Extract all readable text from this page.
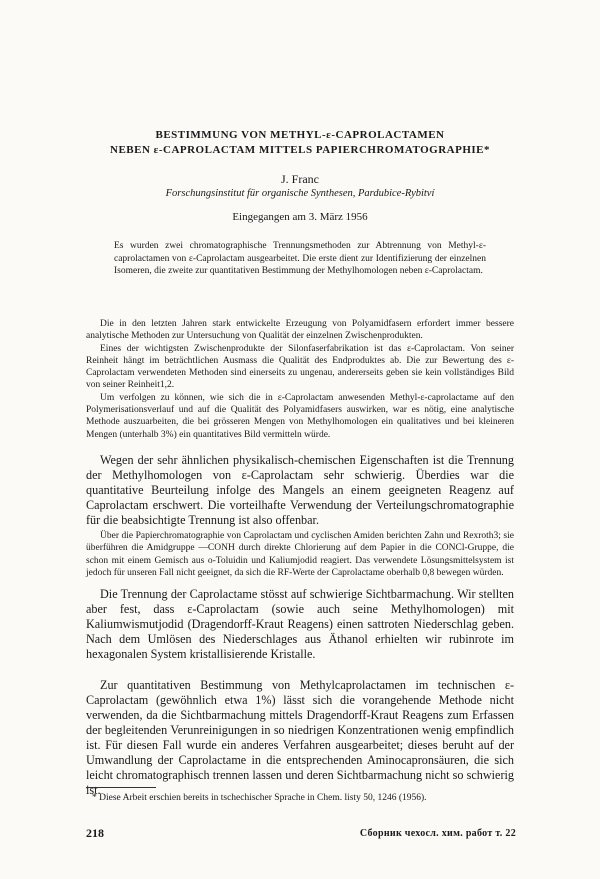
BESTIMMUNG VON METHYL-ε-CAPROLACTAMEN
NEBEN ε-CAPROLACTAM MITTELS PAPIERCHROMATOGRAPHIE*
J. Franc
Forschungsinstitut für organische Synthesen, Pardubice-Rybitví
Eingegangen am 3. März 1956
Es wurden zwei chromatographische Trennungsmethoden zur Abtrennung von Methyl-ε-caprolactamen von ε-Caprolactam ausgearbeitet. Die erste dient zur Identifizierung der einzelnen Isomeren, die zweite zur quantitativen Bestimmung der Methylhomologen neben ε-Caprolactam.

Die in den letzten Jahren stark entwickelte Erzeugung von Polyamidfasern erfordert immer bessere analytische Methoden zur Untersuchung von Qualität der einzelnen Zwischenprodukten.

Eines der wichtigsten Zwischenprodukte der Silonfaserfabrikation ist das ε-Caprolactam. Von seiner Reinheit hängt im beträchtlichen Ausmass die Qualität des Endproduktes ab. Die zur Bewertung des ε-Caprolactam verwendeten Methoden sind einerseits zu ungenau, andererseits geben sie kein vollständiges Bild von seiner Reinheit1,2.

Um verfolgen zu können, wie sich die in ε-Caprolactam anwesenden Methyl-ε-caprolactame auf den Polymerisationsverlauf und auf die Qualität des Polyamidfasers auswirken, war es nötig, eine analytische Methode auszuarbeiten, die bei grösseren Mengen von Methylhomologen ein qualitatives und bei kleineren Mengen (unterhalb 3%) ein quantitatives Bild vermitteln würde.

Wegen der sehr ähnlichen physikalisch-chemischen Eigenschaften ist die Trennung der Methylhomologen von ε-Caprolactam sehr schwierig. Überdies war die quantitative Beurteilung infolge des Mangels an einem geeigneten Reagenz auf Caprolactam erschwert. Die vorteilhafte Verwendung der Verteilungschromatographie für die beabsichtigte Trennung ist also offenbar.

Über die Papierchromatographie von Caprolactam und cyclischen Amiden berichten Zahn und Rexroth3; sie überführen die Amidgruppe —CONH durch direkte Chlorierung auf dem Papier in die CONCl-Gruppe, die schon mit einem Gemisch aus o-Toluidin und Kaliumjodid reagiert. Das verwendete Lösungsmittelsystem ist jedoch für unseren Fall nicht geeignet, da sich die RF-Werte der Caprolactame oberhalb 0,8 bewegen würden.

Die Trennung der Caprolactame stösst auf schwierige Sichtbarmachung. Wir stellten aber fest, dass ε-Caprolactam (sowie auch seine Methylhomologen) mit Kaliumwismutjodid (Dragendorff-Kraut Reagens) einen sattroten Niederschlag geben. Nach dem Umlösen des Niederschlages aus Äthanol erhielten wir rubinrote im hexagonalen System kristallisierende Kristalle.

Zur quantitativen Bestimmung von Methylcaprolactamen im technischen ε-Caprolactam (gewöhnlich etwa 1%) lässt sich die vorangehende Methode nicht verwenden, da die Sichtbarmachung mittels Dragendorff-Kraut Reagens zum Erfassen der begleitenden Verunreinigungen in so niedrigen Konzentrationen wenig empfindlich ist. Für diesen Fall wurde ein anderes Verfahren ausgearbeitet; dieses beruht auf der Umwandlung der Caprolactame in die entsprechenden Aminocapronsäuren, die sich leicht chromatographisch trennen lassen und deren Sichtbarmachung nicht so schwierig ist.

* Diese Arbeit erschien bereits in tschechischer Sprache in Chem. listy 50, 1246 (1956).
218	Сборник чехосл. хим. работ т. 22
